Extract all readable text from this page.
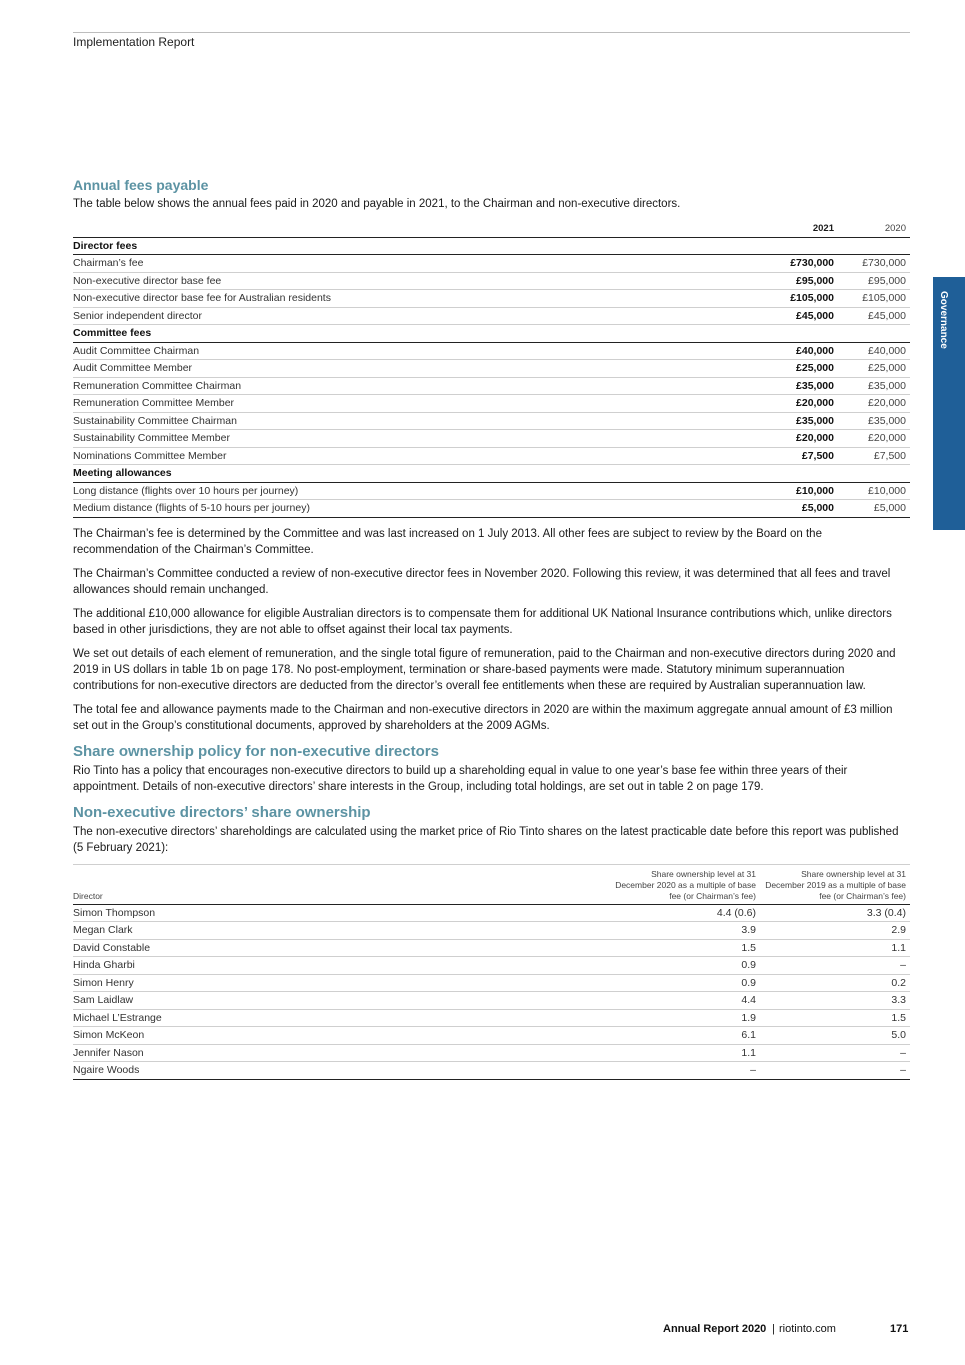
Implementation Report
Governance
Annual fees payable

The table below shows the annual fees paid in 2020 and payable in 2021, to the Chairman and non-executive directors.

	2021	2020
Director fees		
Chairman’s fee	£730,000	£730,000
Non-executive director base fee	£95,000	£95,000
Non-executive director base fee for Australian residents	£105,000	£105,000
Senior independent director	£45,000	£45,000
Committee fees		
Audit Committee Chairman	£40,000	£40,000
Audit Committee Member	£25,000	£25,000
Remuneration Committee Chairman	£35,000	£35,000
Remuneration Committee Member	£20,000	£20,000
Sustainability Committee Chairman	£35,000	£35,000
Sustainability Committee Member	£20,000	£20,000
Nominations Committee Member	£7,500	£7,500
Meeting allowances		
Long distance (flights over 10 hours per journey)	£10,000	£10,000
Medium distance (flights of 5-10 hours per journey)	£5,000	£5,000

The Chairman’s fee is determined by the Committee and was last increased on 1 July 2013. All other fees are subject to review by the Board on the recommendation of the Chairman’s Committee.

The Chairman’s Committee conducted a review of non-executive director fees in November 2020. Following this review, it was determined that all fees and travel allowances should remain unchanged.

The additional £10,000 allowance for eligible Australian directors is to compensate them for additional UK National Insurance contributions which, unlike directors based in other jurisdictions, they are not able to offset against their local tax payments.

We set out details of each element of remuneration, and the single total figure of remuneration, paid to the Chairman and non-executive directors during 2020 and 2019 in US dollars in table 1b on page 178. No post-employment, termination or share-based payments were made. Statutory minimum superannuation contributions for non-executive directors are deducted from the director’s overall fee entitlements when these are required by Australian superannuation law.

The total fee and allowance payments made to the Chairman and non-executive directors in 2020 are within the maximum aggregate annual amount of £3 million set out in the Group’s constitutional documents, approved by shareholders at the 2009 AGMs.

Share ownership policy for non-executive directors

Rio Tinto has a policy that encourages non-executive directors to build up a shareholding equal in value to one year’s base fee within three years of their appointment. Details of non-executive directors’ share interests in the Group, including total holdings, are set out in table 2 on page 179.

Non-executive directors’ share ownership

The non-executive directors’ shareholdings are calculated using the market price of Rio Tinto shares on the latest practicable date before this report was published (5 February 2021):

Director	Share ownership level at 31 December 2020 as a multiple of base fee (or Chairman’s fee)	Share ownership level at 31 December 2019 as a multiple of base fee (or Chairman’s fee)
Simon Thompson	4.4 (0.6)	3.3 (0.4)
Megan Clark	3.9	2.9
David Constable	1.5	1.1
Hinda Gharbi	0.9	–
Simon Henry	0.9	0.2
Sam Laidlaw	4.4	3.3
Michael L’Estrange	1.9	1.5
Simon McKeon	6.1	5.0
Jennifer Nason	1.1	–
Ngaire Woods	–	–
Annual Report 2020 | riotinto.com	171
